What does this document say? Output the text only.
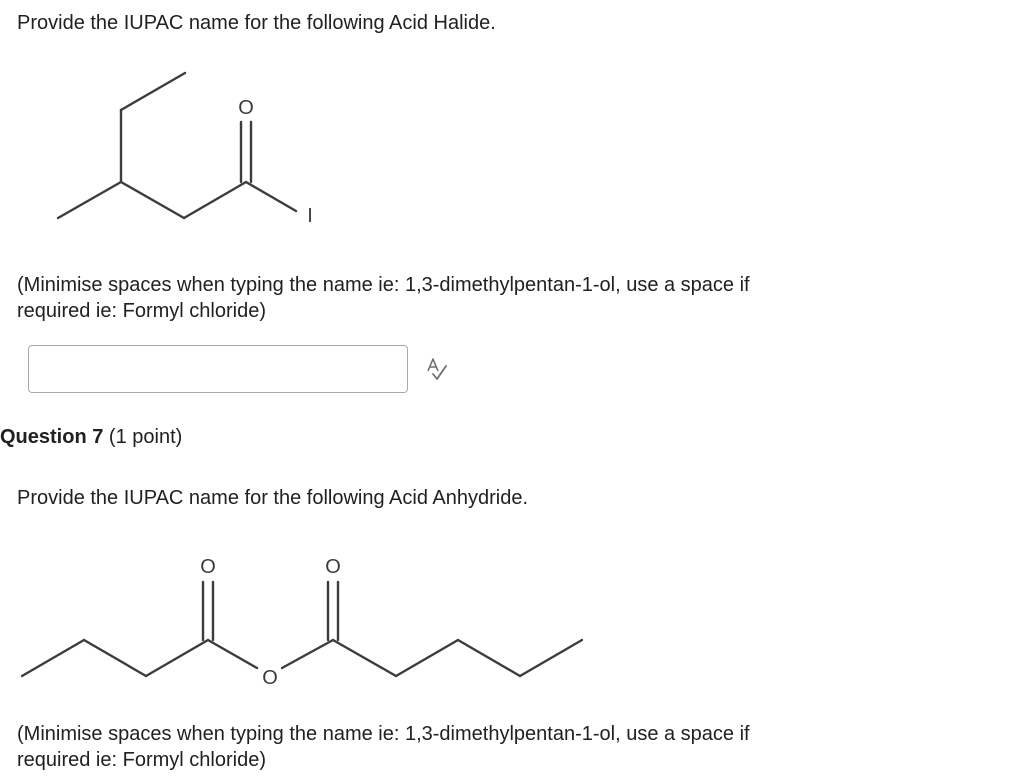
Provide the IUPAC name for the following Acid Halide.
O
I
(Minimise spaces when typing the name ie: 1,3-dimethylpentan-1-ol, use a space if
required ie: Formyl chloride)
Question 7 (1 point)
Provide the IUPAC name for the following Acid Anhydride.
O	O
O
(Minimise spaces when typing the name ie: 1,3-dimethylpentan-1-ol, use a space if
required ie: Formyl chloride)
